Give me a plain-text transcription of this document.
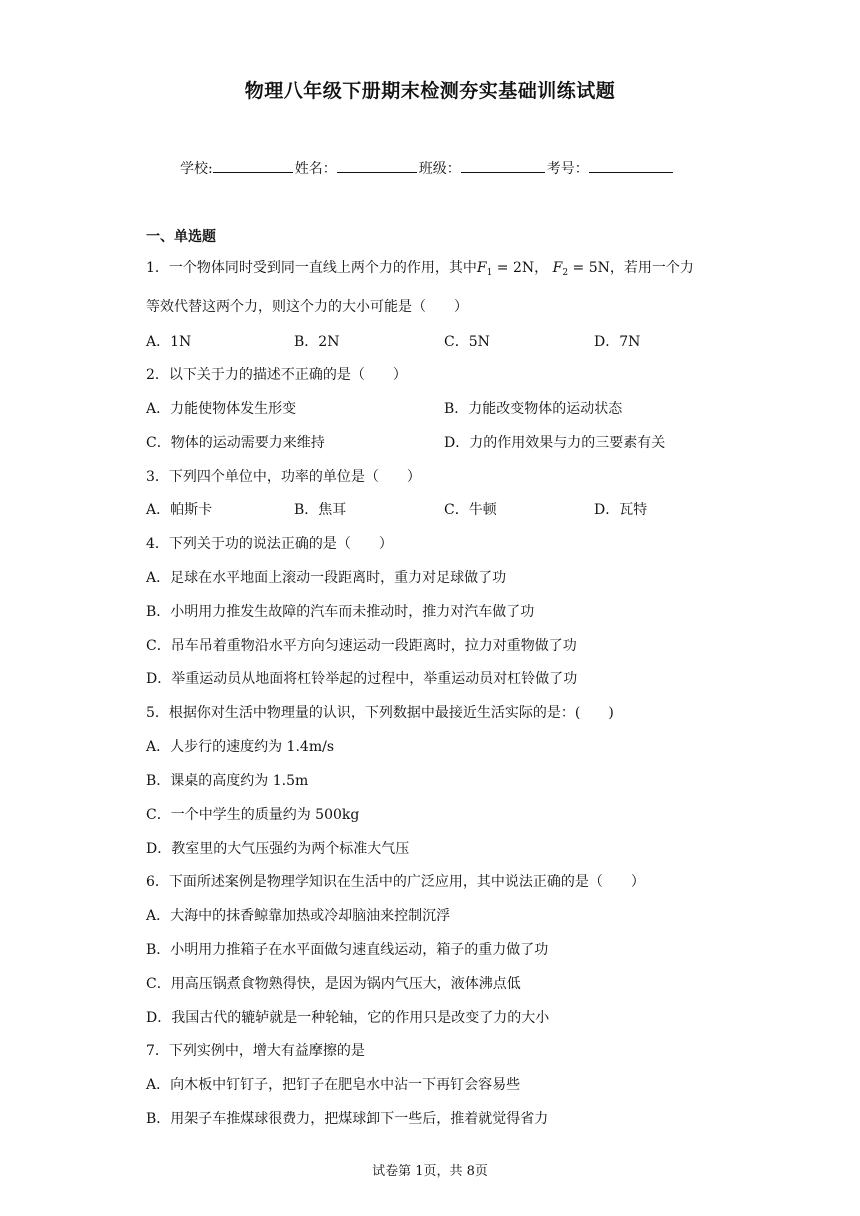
物理八年级下册期末检测夯实基础训练试题
学校:	姓名：	班级：	考号：
一、单选题
1．一个物体同时受到同一直线上两个力的作用，其中$F_1 = 2N$， $F_2 = 5N$，若用一个力
等效代替这两个力，则这个力的大小可能是（　　）
A．1N	B．2N	C．5N	D．7N
2．以下关于力的描述不正确的是（　　）
A．力能使物体发生形变	B．力能改变物体的运动状态
C．物体的运动需要力来维持	D．力的作用效果与力的三要素有关
3．下列四个单位中，功率的单位是（　　）
A．帕斯卡	B．焦耳	C．牛顿	D．瓦特
4．下列关于功的说法正确的是（　　）
A．足球在水平地面上滚动一段距离时，重力对足球做了功
B．小明用力推发生故障的汽车而未推动时，推力对汽车做了功
C．吊车吊着重物沿水平方向匀速运动一段距离时，拉力对重物做了功
D．举重运动员从地面将杠铃举起的过程中，举重运动员对杠铃做了功
5．根据你对生活中物理量的认识，下列数据中最接近生活实际的是：(　　)
A．人步行的速度约为 1.4m/s
B．课桌的高度约为 1.5m
C．一个中学生的质量约为 500kg
D．教室里的大气压强约为两个标准大气压
6．下面所述案例是物理学知识在生活中的广泛应用，其中说法正确的是（　　）
A．大海中的抹香鲸靠加热或冷却脑油来控制沉浮
B．小明用力推箱子在水平面做匀速直线运动，箱子的重力做了功
C．用高压锅煮食物熟得快，是因为锅内气压大，液体沸点低
D．我国古代的辘轳就是一种轮轴，它的作用只是改变了力的大小
7．下列实例中，增大有益摩擦的是
A．向木板中钉钉子，把钉子在肥皂水中沾一下再钉会容易些
B．用架子车推煤球很费力，把煤球卸下一些后，推着就觉得省力
试卷第 1页，共 8页
